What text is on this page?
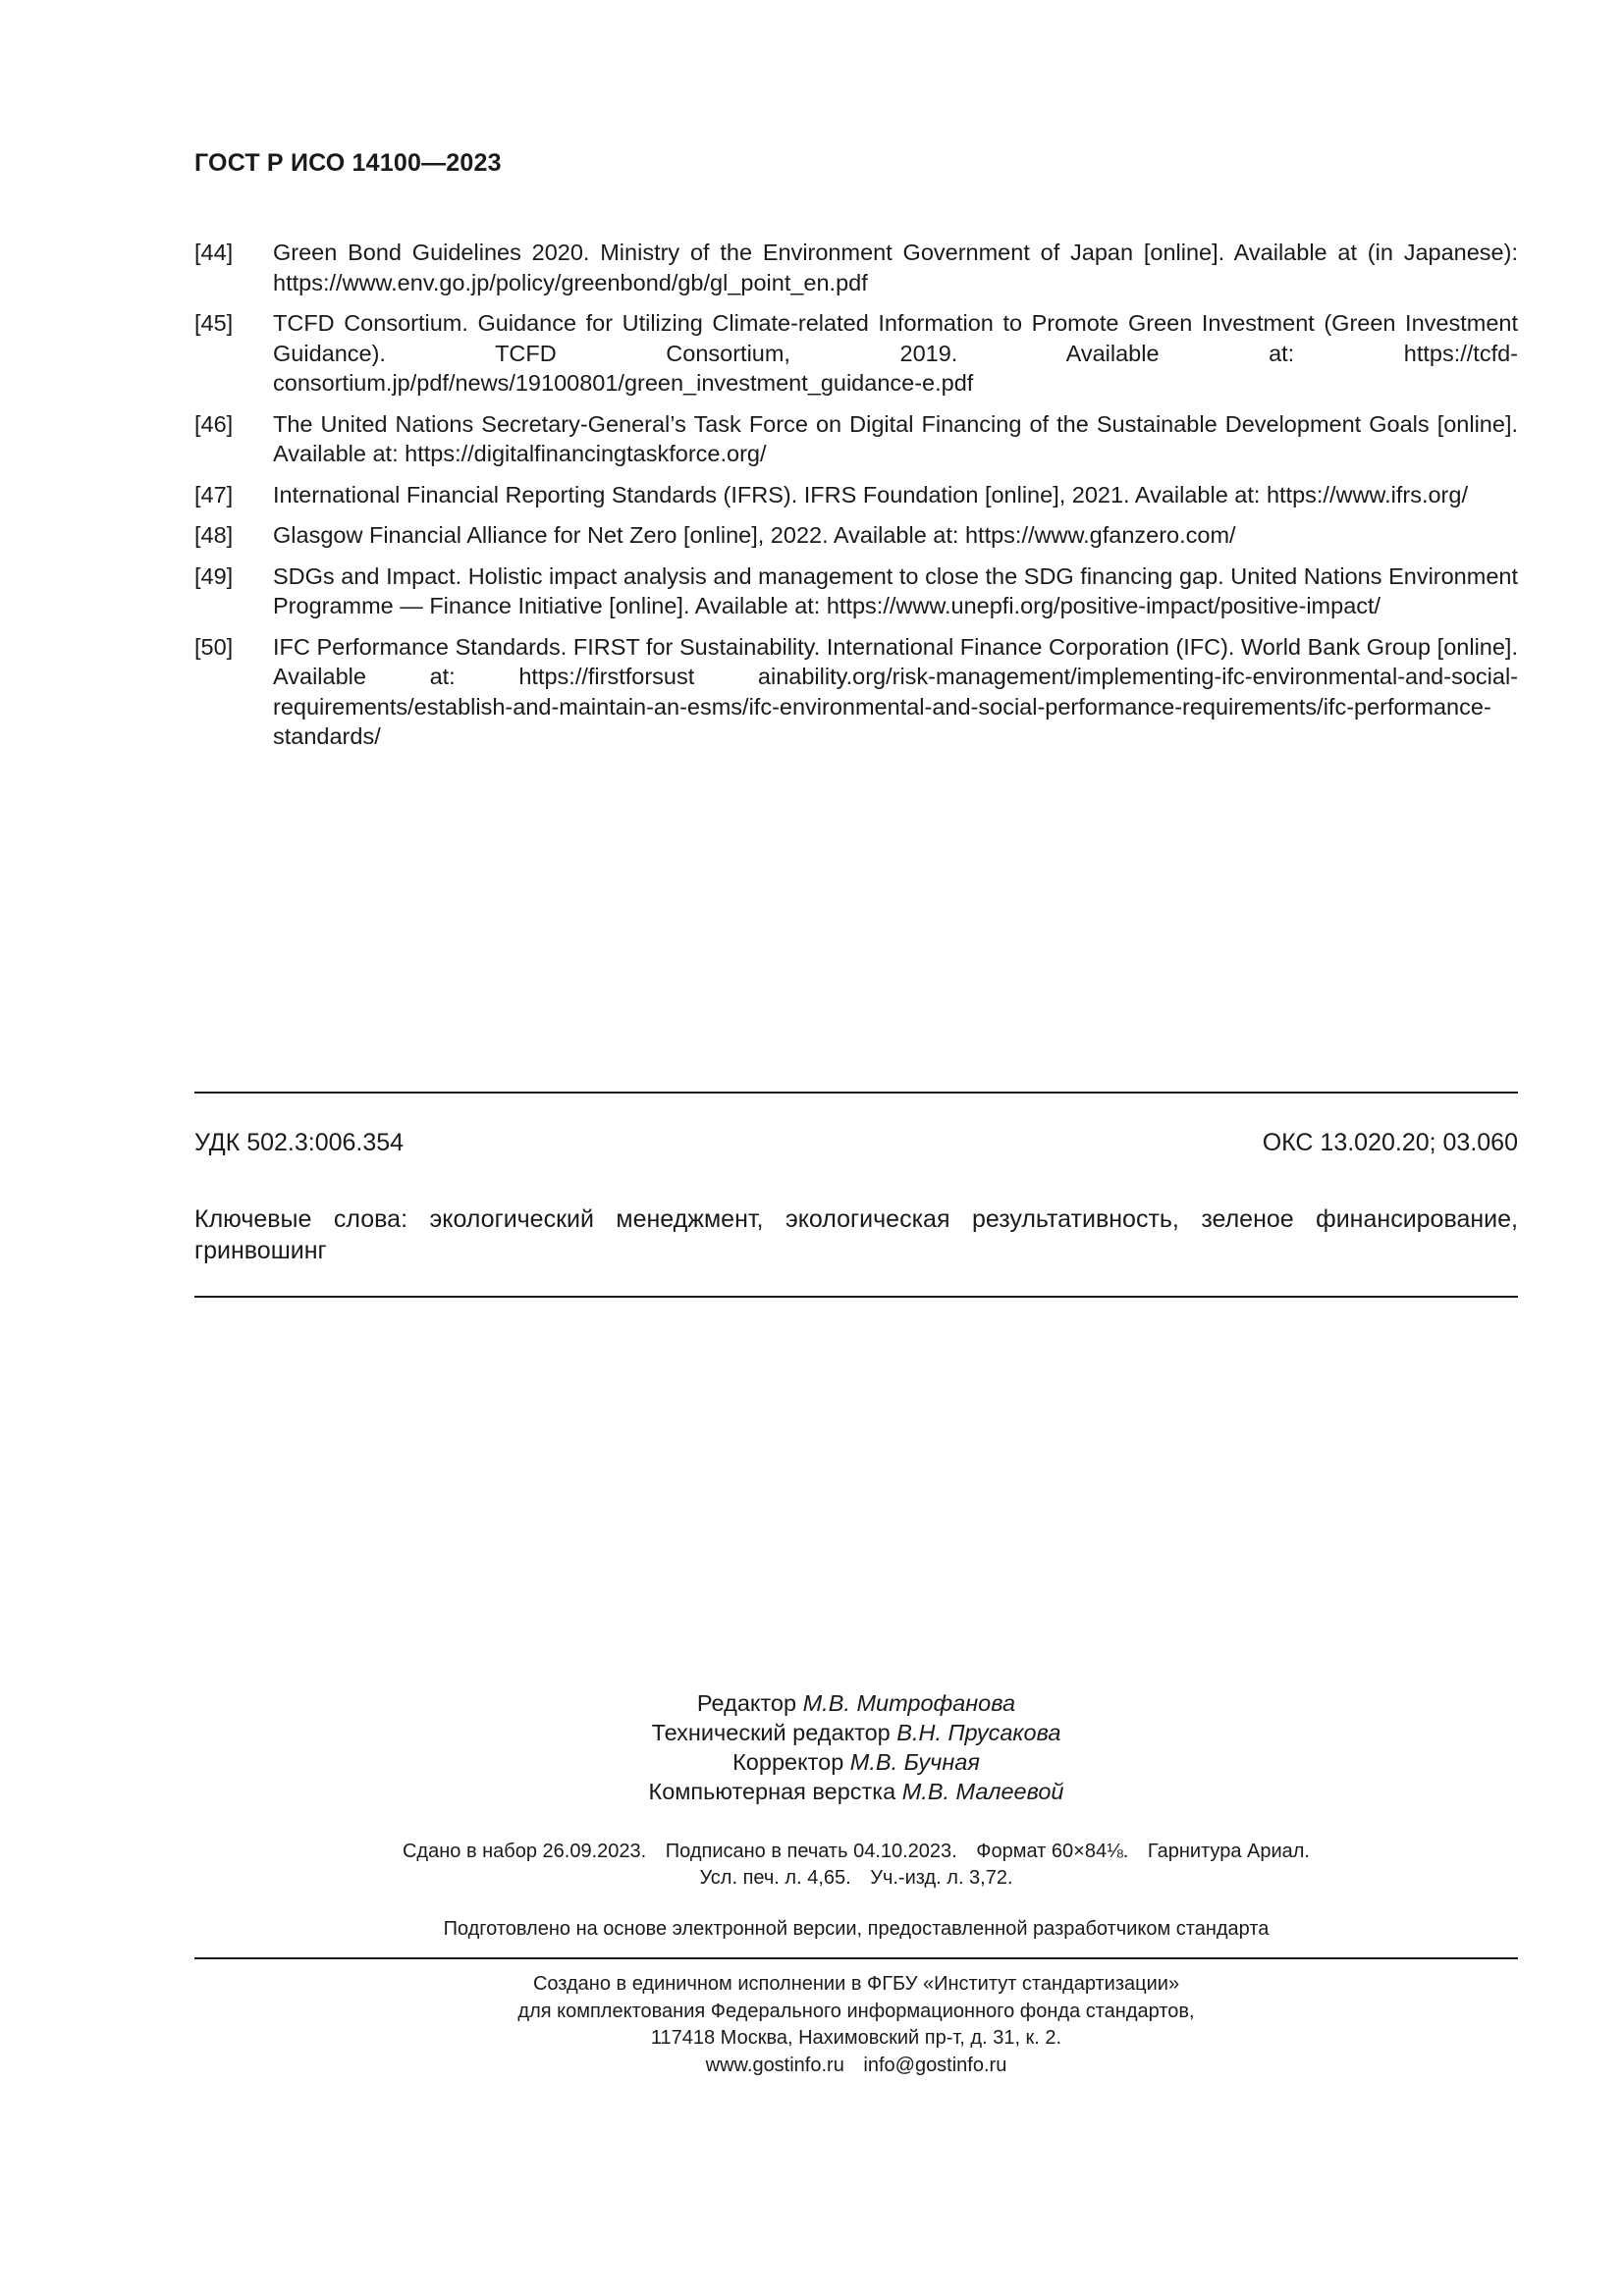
ГОСТ Р ИСО 14100—2023
[44]	Green Bond Guidelines 2020. Ministry of the Environment Government of Japan [online]. Available at (in Japanese): https://www.env.go.jp/policy/greenbond/gb/gl_point_en.pdf
[45]	TCFD Consortium. Guidance for Utilizing Climate-related Information to Promote Green Investment (Green Investment Guidance). TCFD Consortium, 2019. Available at: https://tcfd-consortium.jp/pdf/news/19100801/green_investment_guidance-e.pdf
[46]	The United Nations Secretary-General’s Task Force on Digital Financing of the Sustainable Development Goals [online]. Available at: https://digitalfinancingtaskforce.org/
[47]	International Financial Reporting Standards (IFRS). IFRS Foundation [online], 2021. Available at: https://www.ifrs.org/
[48]	Glasgow Financial Alliance for Net Zero [online], 2022. Available at: https://www.gfanzero.com/
[49]	SDGs and Impact. Holistic impact analysis and management to close the SDG financing gap. United Nations Environment Programme — Finance Initiative [online]. Available at: https://www.unepfi.org/positive-impact/positive-impact/
[50]	IFC Performance Standards. FIRST for Sustainability. International Finance Corporation (IFC). World Bank Group [online]. Available at: https://firstforsust ainability.org/risk-management/implementing-ifc-environmental-and-social-requirements/establish-and-maintain-an-esms/ifc-environmental-and-social-performance-requirements/ifc-performance-standards/
УДК 502.3:006.354	ОКС 13.020.20; 03.060
Ключевые слова: экологический менеджмент, экологическая результативность, зеленое финансирование, гринвошинг
Редактор М.В. Митрофанова
Технический редактор В.Н. Прусакова
Корректор М.В. Бучная
Компьютерная верстка М.В. Малеевой
Сдано в набор 26.09.2023. Подписано в печать 04.10.2023. Формат 60×84⅛. Гарнитура Ариал.
Усл. печ. л. 4,65. Уч.-изд. л. 3,72.
Подготовлено на основе электронной версии, предоставленной разработчиком стандарта
Создано в единичном исполнении в ФГБУ «Институт стандартизации»
для комплектования Федерального информационного фонда стандартов,
117418 Москва, Нахимовский пр-т, д. 31, к. 2.
www.gostinfo.ru info@gostinfo.ru
